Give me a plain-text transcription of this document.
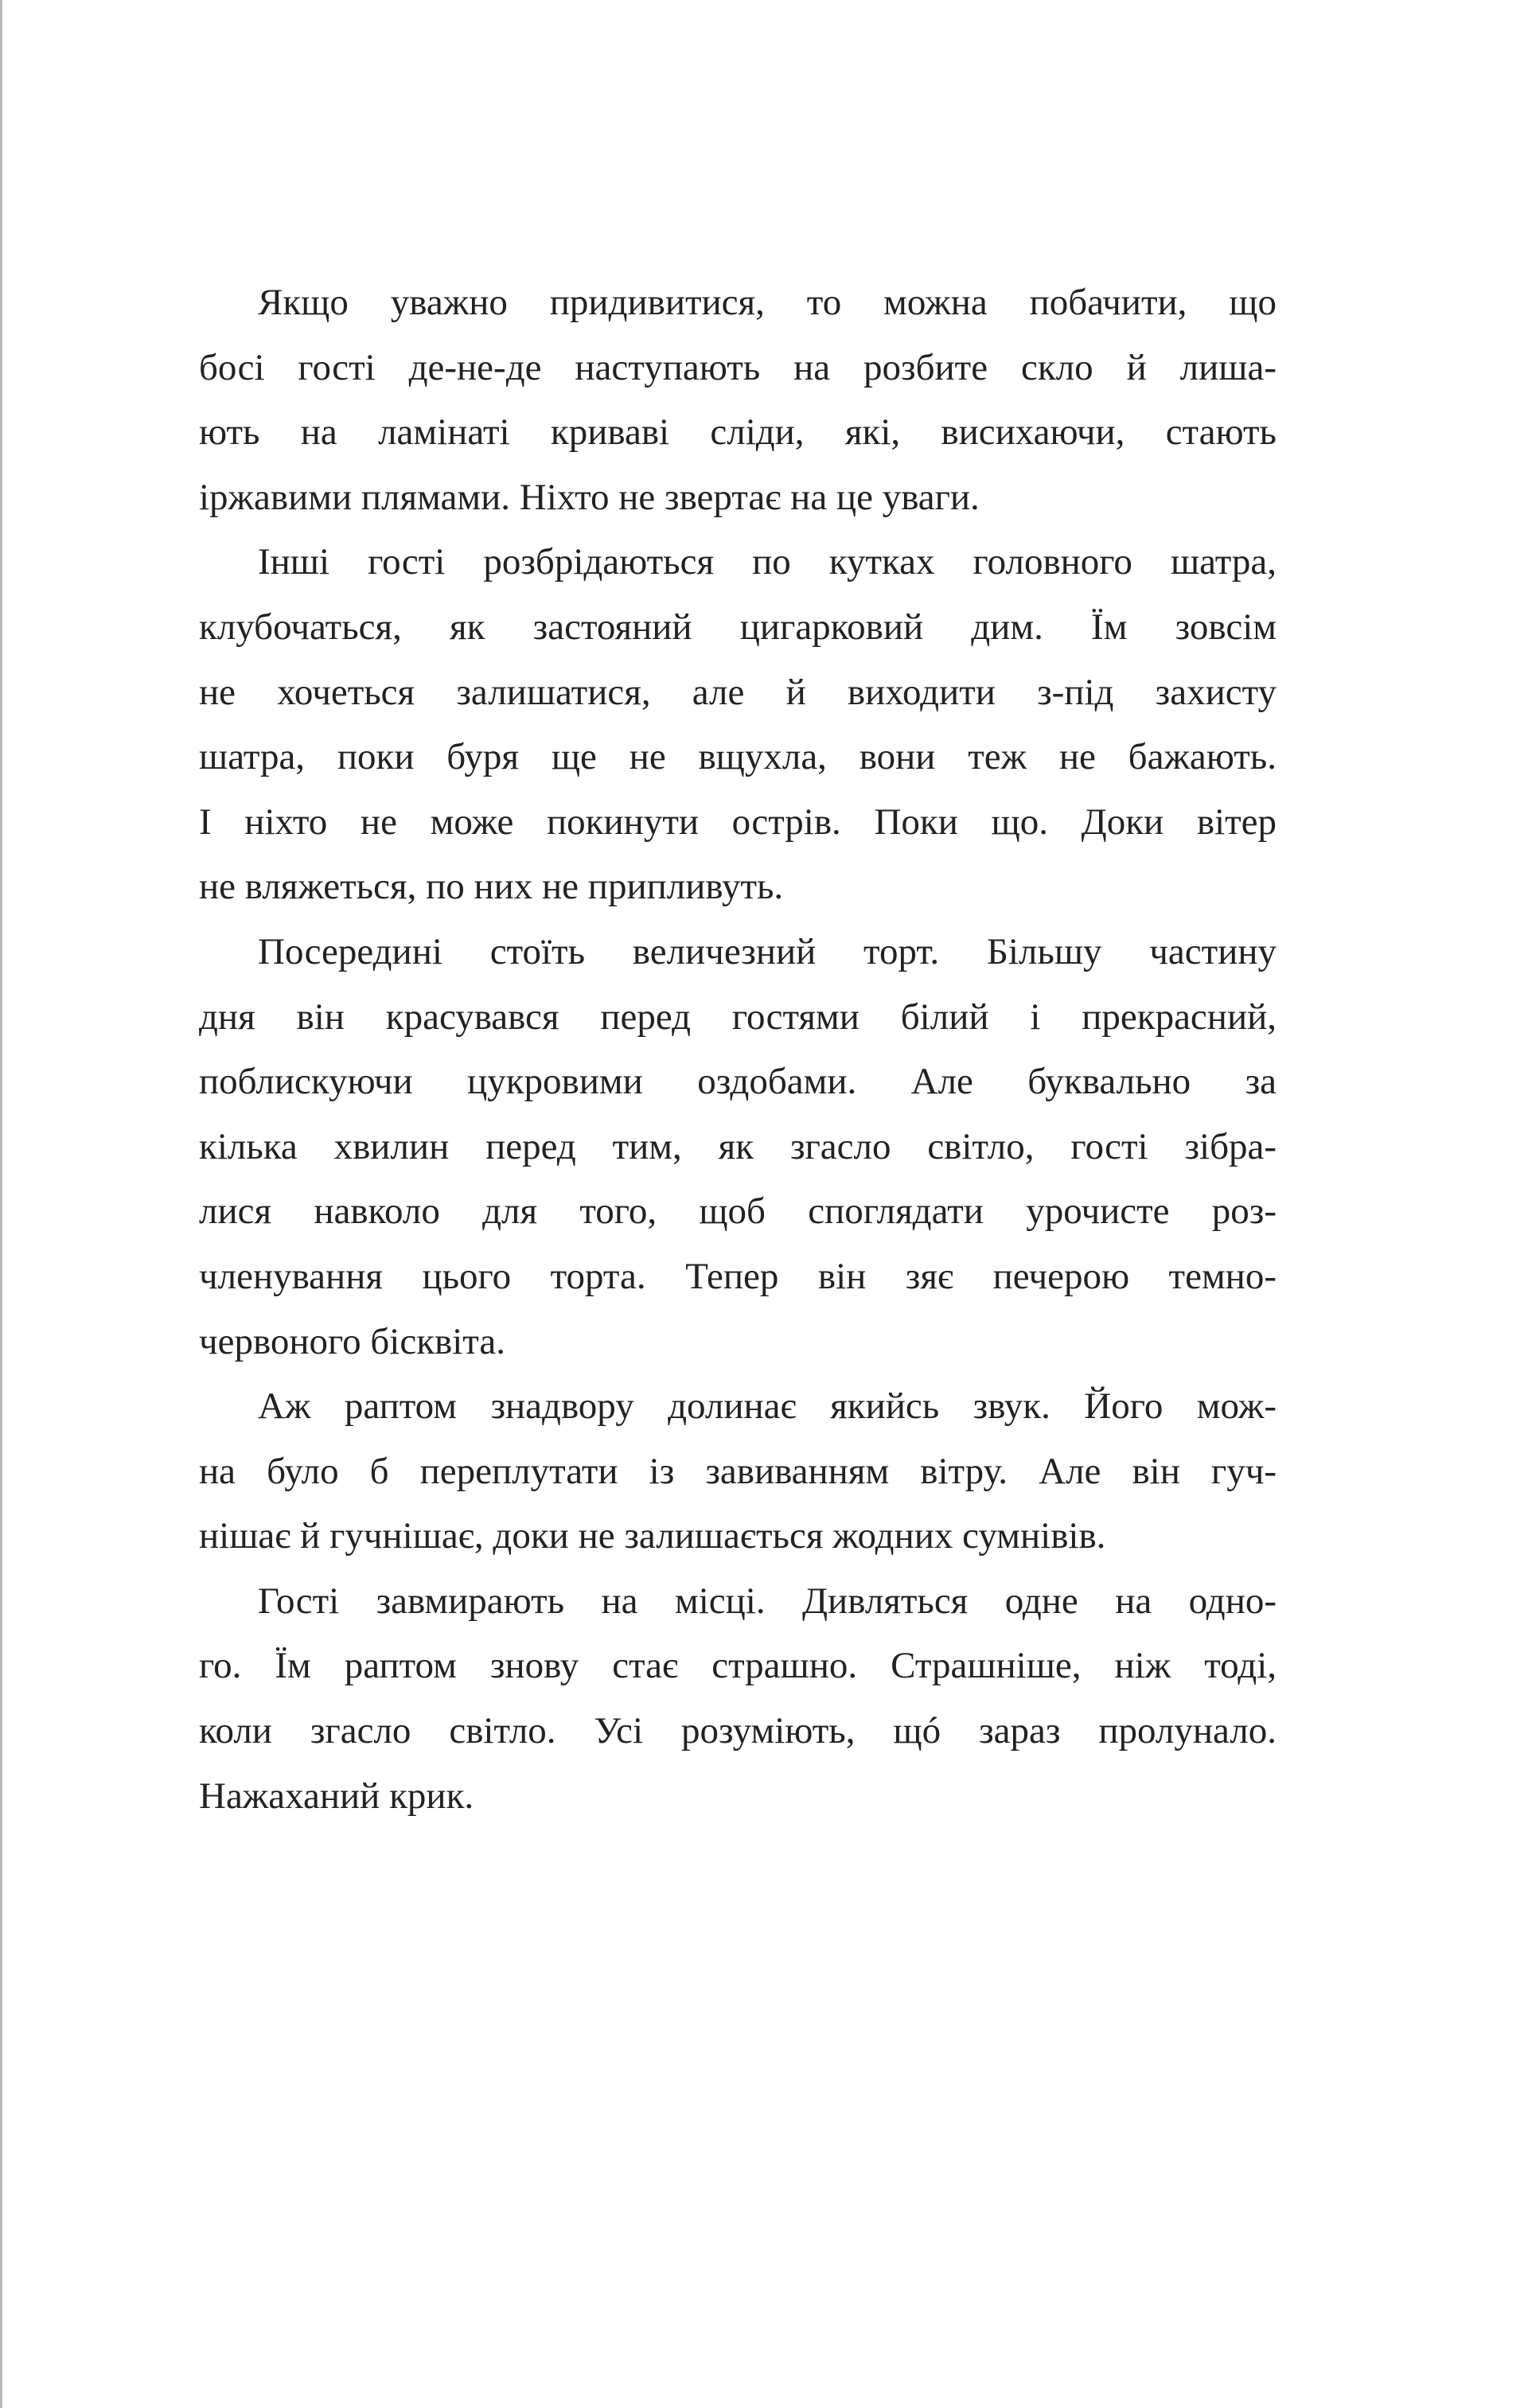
Якщо уважно придивитися, то можна побачити, що
босі гості де-не-де наступають на розбите скло й лиша-
ють на ламінаті криваві сліди, які, висихаючи, стають
іржавими плямами. Ніхто не звертає на це уваги.
Інші гості розбрідаються по кутках головного шатра,
клубочаться, як застояний цигарковий дим. Їм зовсім
не хочеться залишатися, але й виходити з-під захисту
шатра, поки буря ще не вщухла, вони теж не бажають.
І ніхто не може покинути острів. Поки що. Доки вітер
не вляжеться, по них не припливуть.
Посередині стоїть величезний торт. Більшу частину
дня він красувався перед гостями білий і прекрасний,
поблискуючи цукровими оздобами. Але буквально за
кілька хвилин перед тим, як згасло світло, гості зібра-
лися навколо для того, щоб споглядати урочисте роз-
членування цього торта. Тепер він зяє печерою темно-
червоного бісквіта.
Аж раптом знадвору долинає якийсь звук. Його мож-
на було б переплутати із завиванням вітру. Але він гуч-
нішає й гучнішає, доки не залишається жодних сумнівів.
Гості завмирають на місці. Дивляться одне на одно-
го. Їм раптом знову стає страшно. Страшніше, ніж тоді,
коли згасло світло. Усі розуміють, щó зараз пролунало.
Нажаханий крик.
